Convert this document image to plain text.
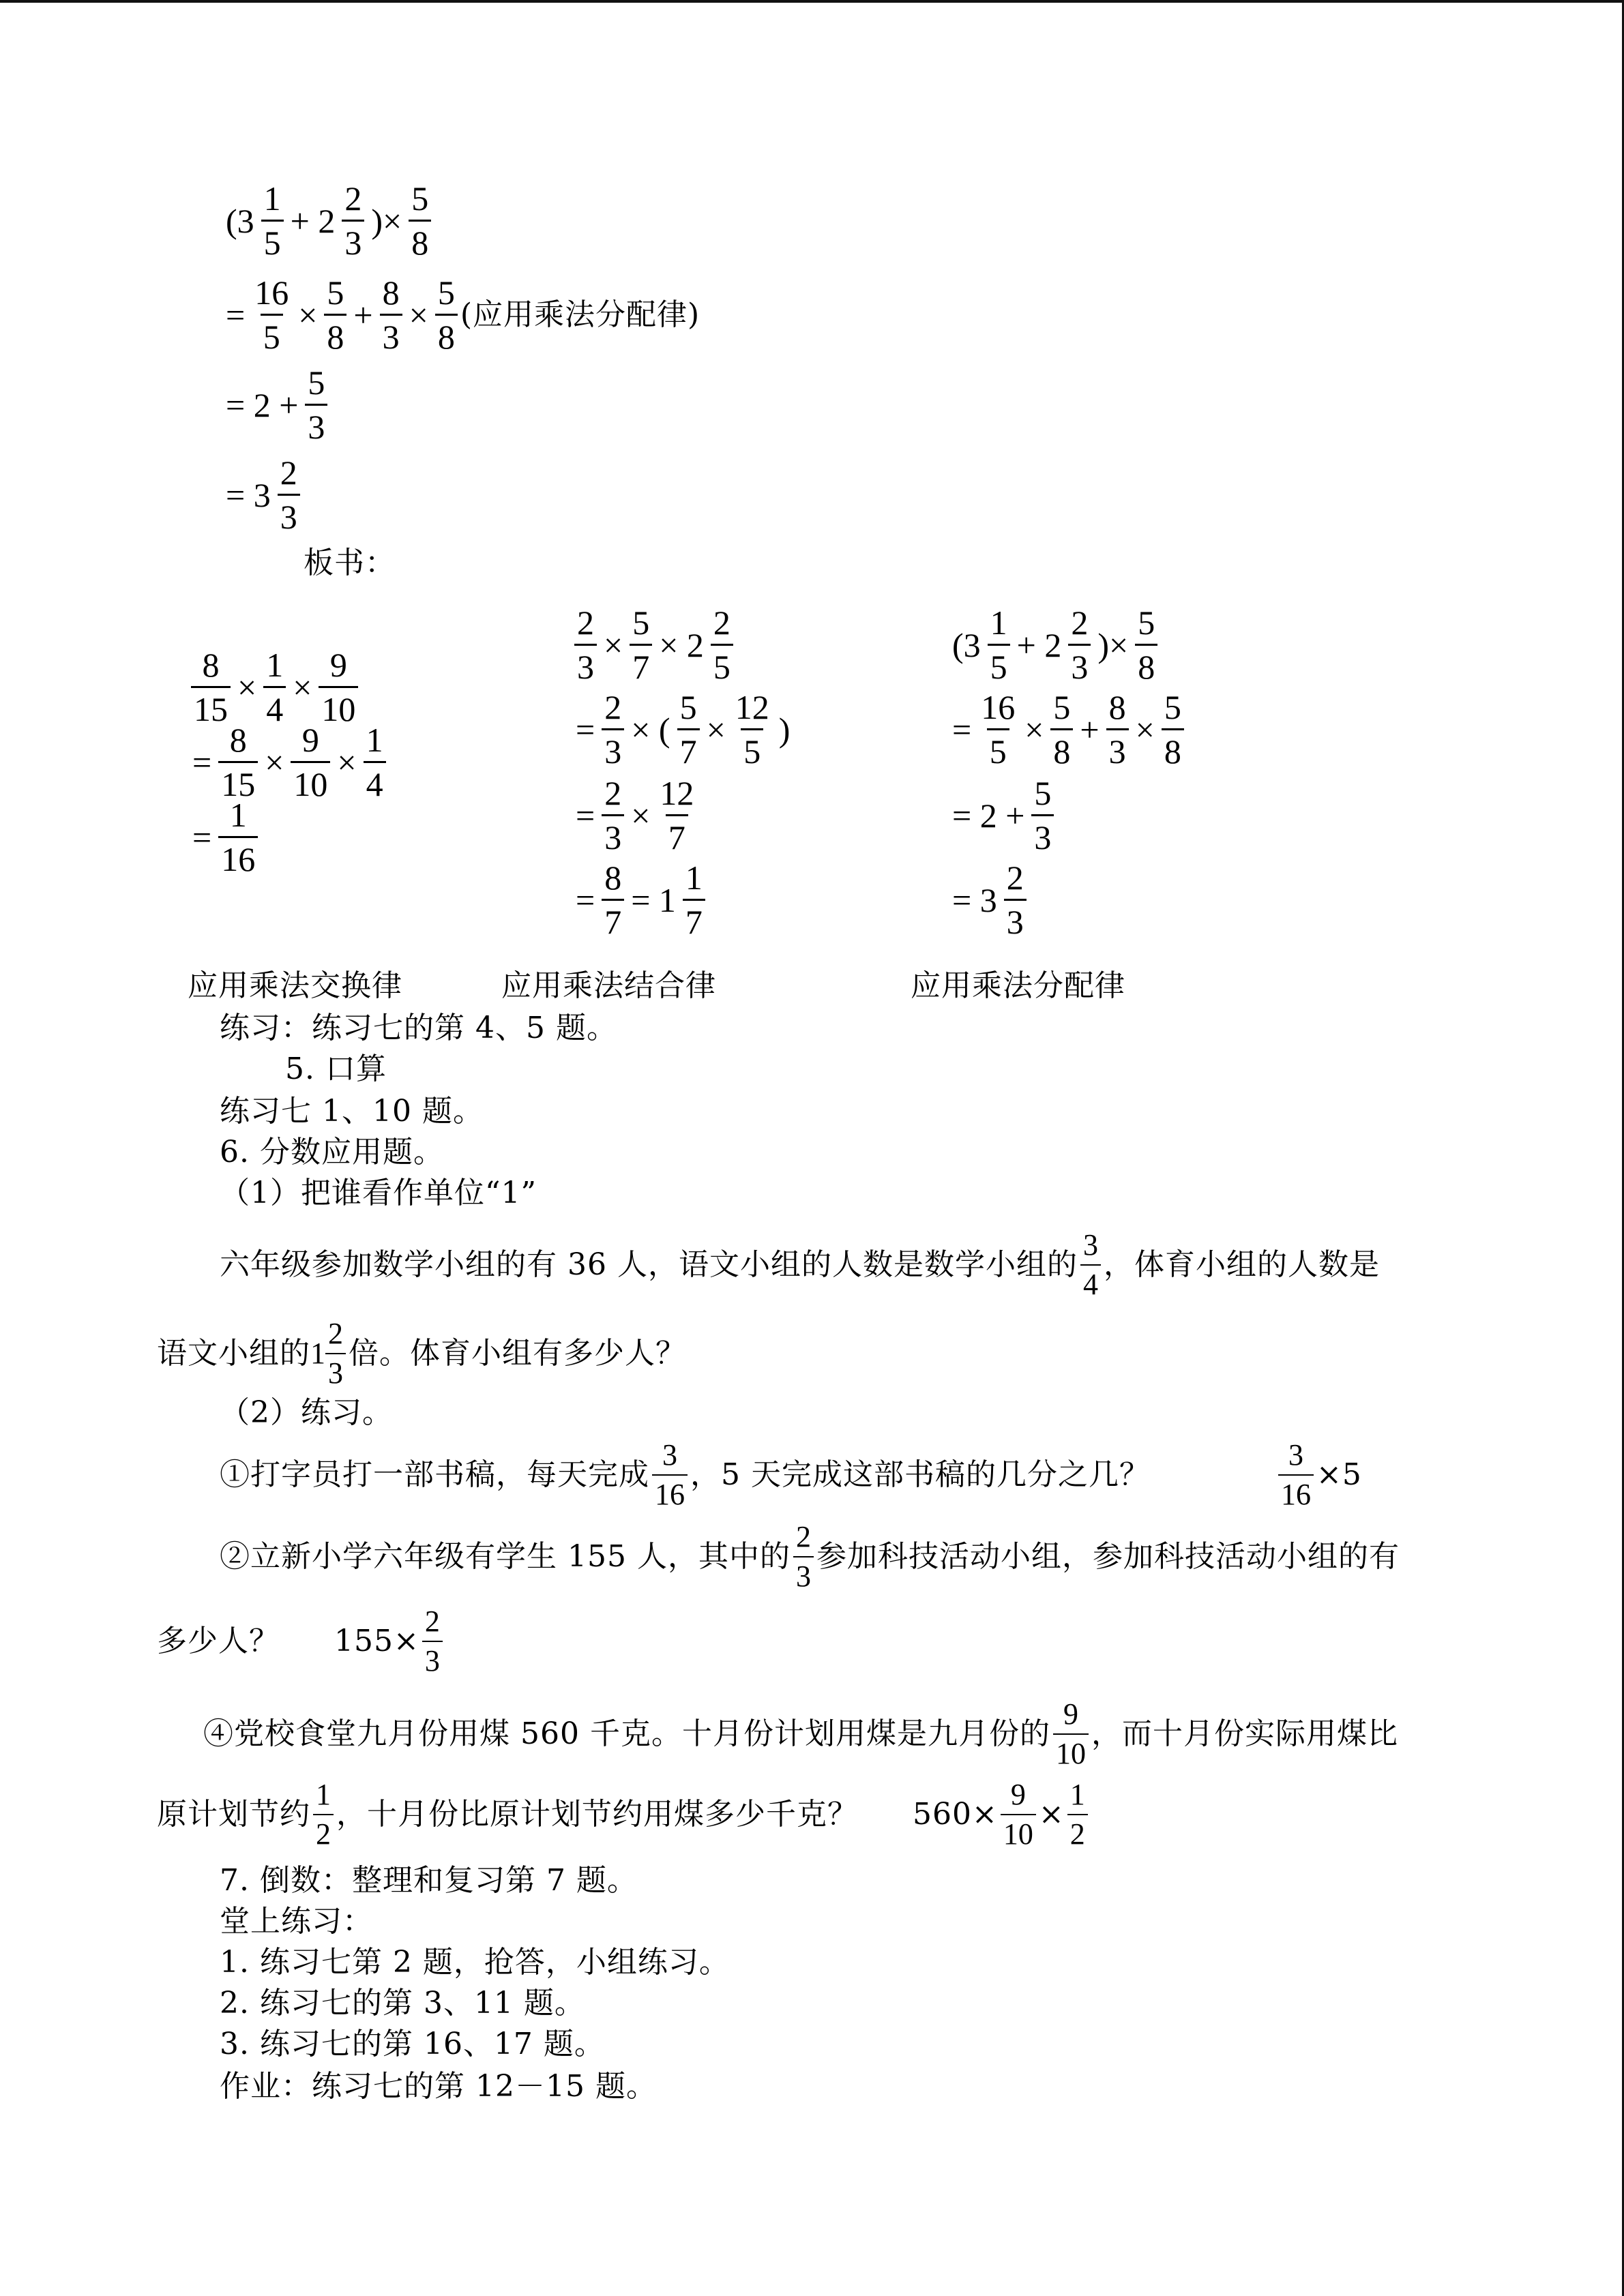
($3 \frac{1}{5} + 2 \frac{2}{3}$ )× $\frac{5}{8}$
= $\frac{16}{5} \times \frac{5}{8} + \frac{8}{3} \times \frac{5}{8}$ (应用乘法分配律)
= $2 + \frac{5}{3}$
= $3 \frac{2}{3}$
板书：
$\frac{8}{15} \times \frac{1}{4} \times \frac{9}{10}$
= $\frac{8}{15} \times \frac{9}{10} \times \frac{1}{4}$
= $\frac{1}{16}$
$\frac{2}{3} \times \frac{5}{7} \times 2 \frac{2}{5}$
= $\frac{2}{3}$ × ( $\frac{5}{7} \times \frac{12}{5}$ )
= $\frac{2}{3} \times \frac{12}{7}$
= $\frac{8}{7} = 1 \frac{1}{7}$
($3 \frac{1}{5} + 2 \frac{2}{3}$ )× $\frac{5}{8}$
= $\frac{16}{5} \times \frac{5}{8} + \frac{8}{3} \times \frac{5}{8}$
= $2 + \frac{5}{3}$
= $3 \frac{2}{3}$
应用乘法交换律	应用乘法结合律	应用乘法分配律
练习：练习七的第 4、5 题。
5. 口算
练习七 1、10 题。
6. 分数应用题。
（1）把谁看作单位“1”
六年级参加数学小组的有 36 人，语文小组的人数是数学小组的 $\frac{3}{4}$ ，体育小组的人数是
语文小组的 $1 \frac{2}{3}$ 倍。体育小组有多少人？
（2）练习。
①打字员打一部书稿，每天完成 $\frac{3}{16}$ ，5 天完成这部书稿的几分之几？	$\frac{3}{16} \times 5$
②立新小学六年级有学生 155 人，其中的 $\frac{2}{3}$ 参加科技活动小组，参加科技活动小组的有
多少人？ $155\times \frac{2}{3}$
④党校食堂九月份用煤 560 千克。十月份计划用煤是九月份的 $\frac{9}{10}$ ，而十月份实际用煤比
原计划节约 $\frac{1}{2}$ ，十月份比原计划节约用煤多少千克？ $560\times \frac{9}{10} \times \frac{1}{2}$
7. 倒数：整理和复习第 7 题。
堂上练习：
1. 练习七第 2 题，抢答，小组练习。
2. 练习七的第 3、11 题。
3. 练习七的第 16、17 题。
作业：练习七的第 12－15 题。
